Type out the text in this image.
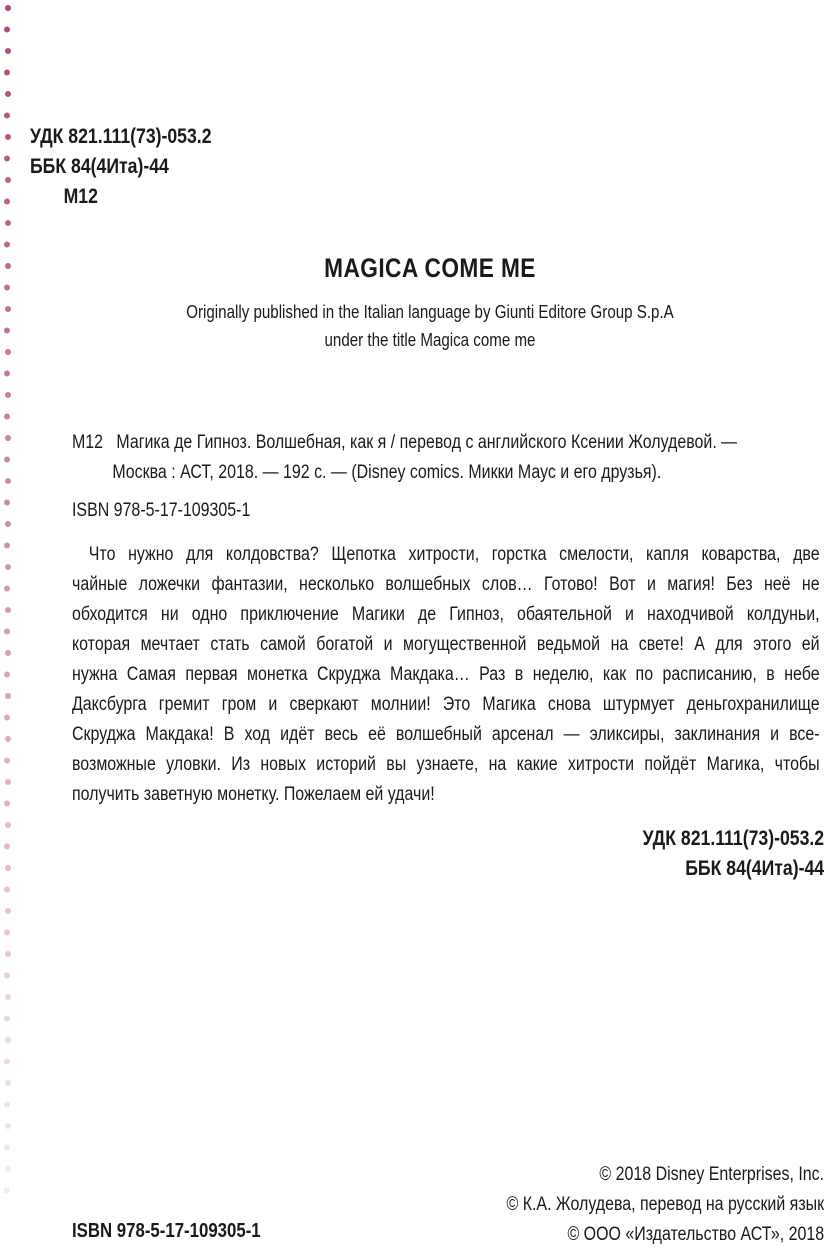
УДК 821.111(73)-053.2
ББК 84(4Ита)-44
М12
MAGICA COME ME
Originally published in the Italian language by Giunti Editore Group S.p.A
under the title Magica come me
М12   Магика де Гипноз. Волшебная, как я / перевод с английского Ксении Жолудевой. —
Москва : АСТ, 2018. — 192 с. — (Disney comics. Микки Маус и его друзья).
ISBN 978-5-17-109305-1
Что нужно для колдовства? Щепотка хитрости, горстка смелости, капля коварства, две
чайные ложечки фантазии, несколько волшебных слов… Готово! Вот и магия! Без неё не
обходится ни одно приключение Магики де Гипноз, обаятельной и находчивой колдуньи,
которая мечтает стать самой богатой и могущественной ведьмой на свете! А для этого ей
нужна Самая первая монетка Скруджа Макдака… Раз в неделю, как по расписанию, в небе
Даксбурга гремит гром и сверкают молнии! Это Магика снова штурмует деньгохранилище
Скруджа Макдака! В ход идёт весь её волшебный арсенал — эликсиры, заклинания и все-
возможные уловки. Из новых историй вы узнаете, на какие хитрости пойдёт Магика, чтобы
получить заветную монетку. Пожелаем ей удачи!
УДК 821.111(73)-053.2
ББК 84(4Ита)-44
© 2018 Disney Enterprises, Inc.
© К.А. Жолудева, перевод на русский язык
© ООО «Издательство АСТ», 2018
ISBN 978-5-17-109305-1
